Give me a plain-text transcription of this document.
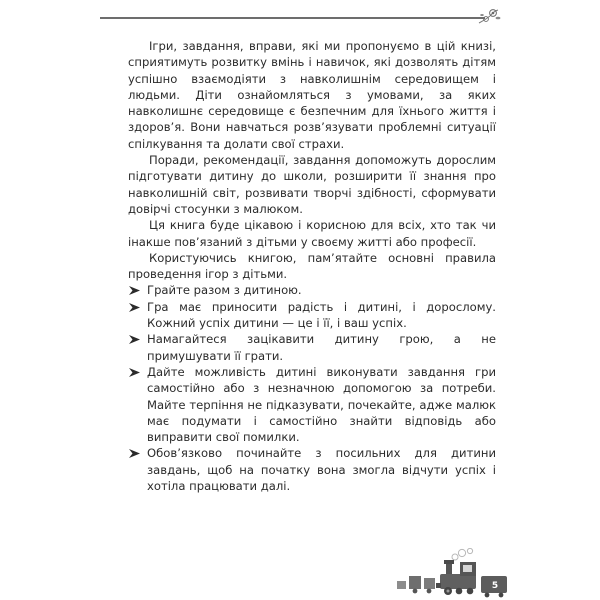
Ігри, завдання, вправи, які ми пропонуємо в цій книзі, сприятимуть розвитку вмінь і навичок, які дозволять дітям успішно взаємодіяти з навколишнім середовищем і людьми. Діти ознайомляться з умовами, за яких навколишнє середовище є безпечним для їхнього життя і здоров’я. Вони навчаться розв’язувати проблемні ситуації спілкування та долати свої страхи.

Поради, рекомендації, завдання допоможуть дорослим підготувати дитину до школи, розширити її знання про навколишній світ, розвивати творчі здібності, сформувати довірчі стосунки з малюком.

Ця книга буде цікавою і корисною для всіх, хто так чи інакше пов’язаний з дітьми у своєму житті або професії.

Користуючись книгою, пам’ятайте основні правила проведення ігор з дітьми.

Грайте разом з дитиною.
Гра має приносити радість і дитині, і дорослому. Кожний успіх дитини — це і її, і ваш успіх.
Намагайтеся зацікавити дитину грою, а не примушувати її грати.
Дайте можливість дитині виконувати завдання гри самостійно або з незначною допомогою за потреби. Майте терпіння не підказувати, почекайте, адже малюк має подумати і самостійно знайти відповідь або виправити свої помилки.
Обов’язково починайте з посильних для дитини завдань, щоб на початку вона змогла відчути успіх і хотіла працювати далі.
5
